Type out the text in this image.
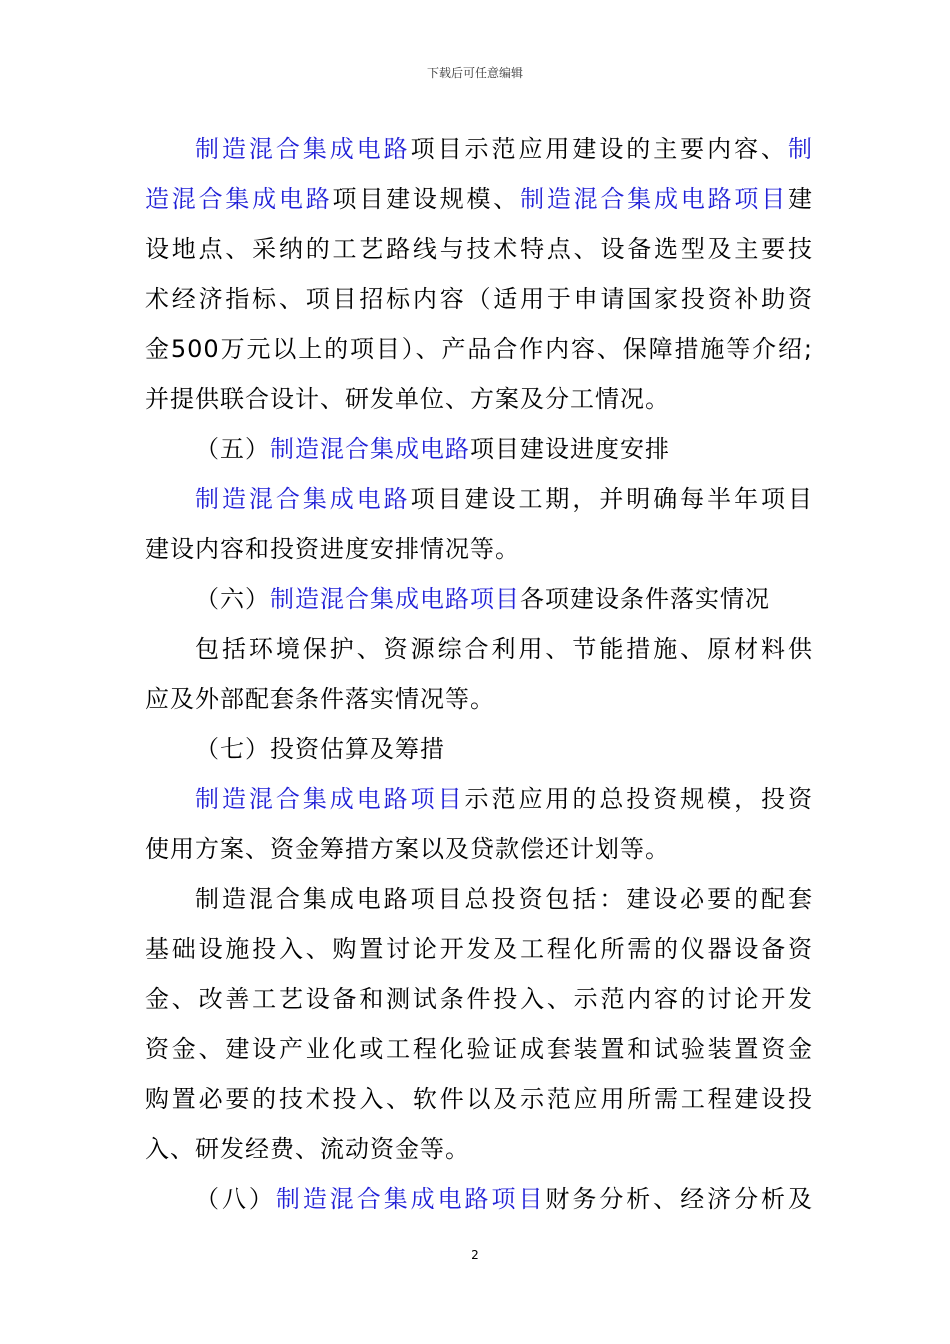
下载后可任意编辑
制造混合集成电路项目示范应用建设的主要内容、制
造混合集成电路项目建设规模、制造混合集成电路项目建
设地点、采纳的工艺路线与技术特点、设备选型及主要技
术经济指标、项目招标内容（适用于申请国家投资补助资
金500万元以上的项目）、产品合作内容、保障措施等介绍;
并提供联合设计、研发单位、方案及分工情况。
（五）制造混合集成电路项目建设进度安排
制造混合集成电路项目建设工期，并明确每半年项目
建设内容和投资进度安排情况等。
（六）制造混合集成电路项目各项建设条件落实情况
包括环境保护、资源综合利用、节能措施、原材料供
应及外部配套条件落实情况等。
（七）投资估算及筹措
制造混合集成电路项目示范应用的总投资规模，投资
使用方案、资金筹措方案以及贷款偿还计划等。
制造混合集成电路项目总投资包括：建设必要的配套
基础设施投入、购置讨论开发及工程化所需的仪器设备资
金、改善工艺设备和测试条件投入、示范内容的讨论开发
资金、建设产业化或工程化验证成套装置和试验装置资金
购置必要的技术投入、软件以及示范应用所需工程建设投
入、研发经费、流动资金等。
（八）制造混合集成电路项目财务分析、经济分析及
2
